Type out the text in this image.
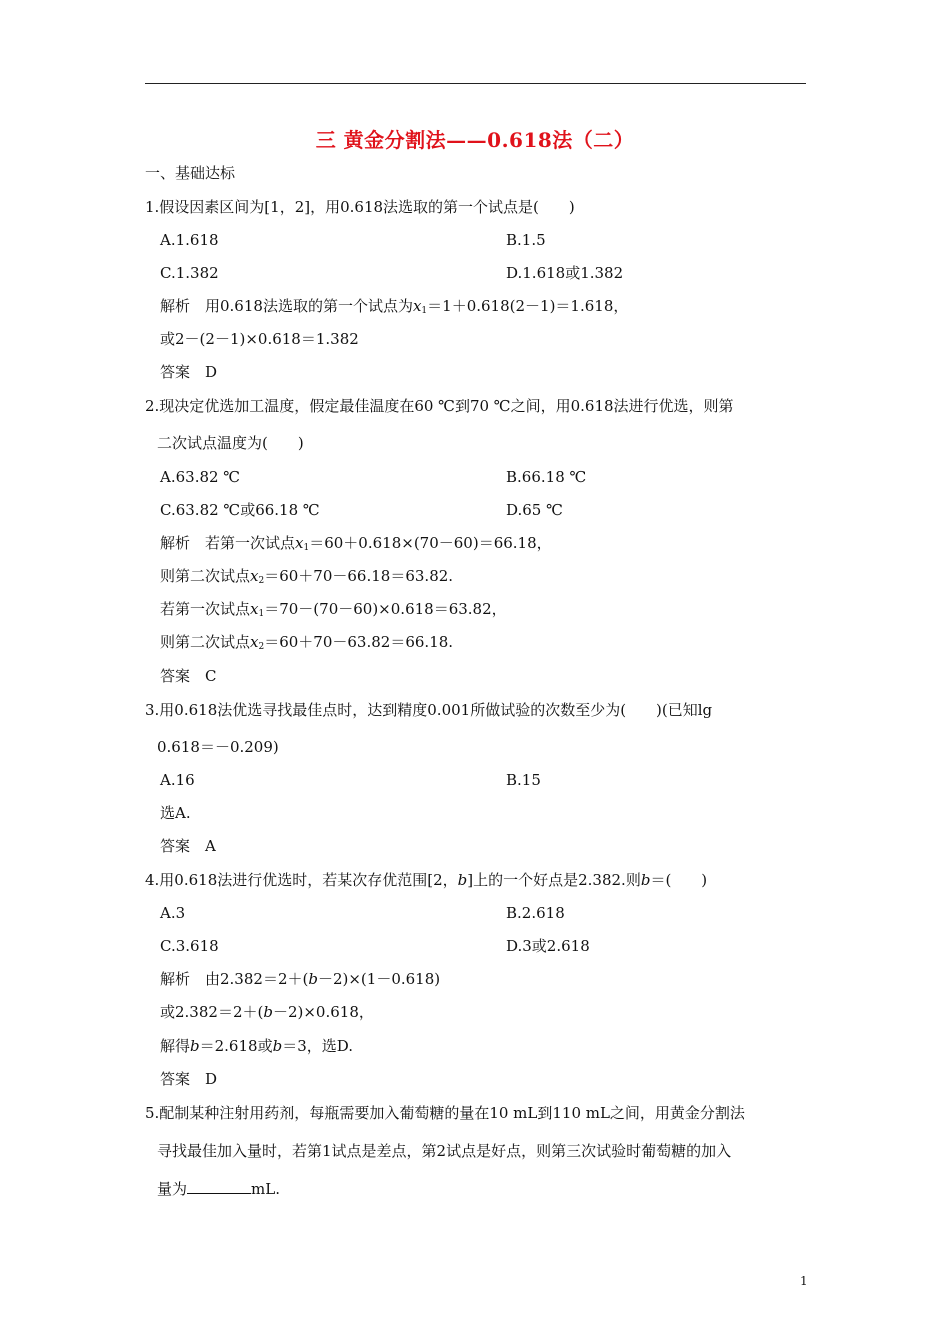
三 黄金分割法——0.618法（二）
一、基础达标
1.假设因素区间为[1，2]，用0.618法选取的第一个试点是(　　)
A.1.618	B.1.5
C.1.382	D.1.618或1.382
解析　用0.618法选取的第一个试点为$x_1=1+0.618(2-1)=1.618$，
或2－(2－1)×0.618＝1.382
答案　D
2.现决定优选加工温度，假定最佳温度在60 ℃到70 ℃之间，用0.618法进行优选，则第
二次试点温度为(　　)
A.63.82 ℃	B.66.18 ℃
C.63.82 ℃或66.18 ℃	D.65 ℃
解析　若第一次试点$x_1=60+0.618\times(70-60)=66.18$，
则第二次试点$x_2=60+70-66.18=63.82$.
若第一次试点$x_1=70-(70-60)\times 0.618=63.82$，
则第二次试点$x_2=60+70-63.82=66.18$.
答案　C
3.用0.618法优选寻找最佳点时，达到精度0.001所做试验的次数至少为(　　)(已知lg
0.618＝－0.209)
A.16	B.15
选A.
答案　A
4.用0.618法进行优选时，若某次存优范围[2，b]上的一个好点是2.382.则b＝(　　)
A.3	B.2.618
C.3.618	D.3或2.618
解析　由2.382＝2＋(b－2)×(1－0.618)
或2.382＝2＋(b－2)×0.618，
解得b＝2.618或b＝3，选D.
答案　D
5.配制某种注射用药剂，每瓶需要加入葡萄糖的量在10 mL到110 mL之间，用黄金分割法
寻找最佳加入量时，若第1试点是差点，第2试点是好点，则第三次试验时葡萄糖的加入
量为	mL.
1
